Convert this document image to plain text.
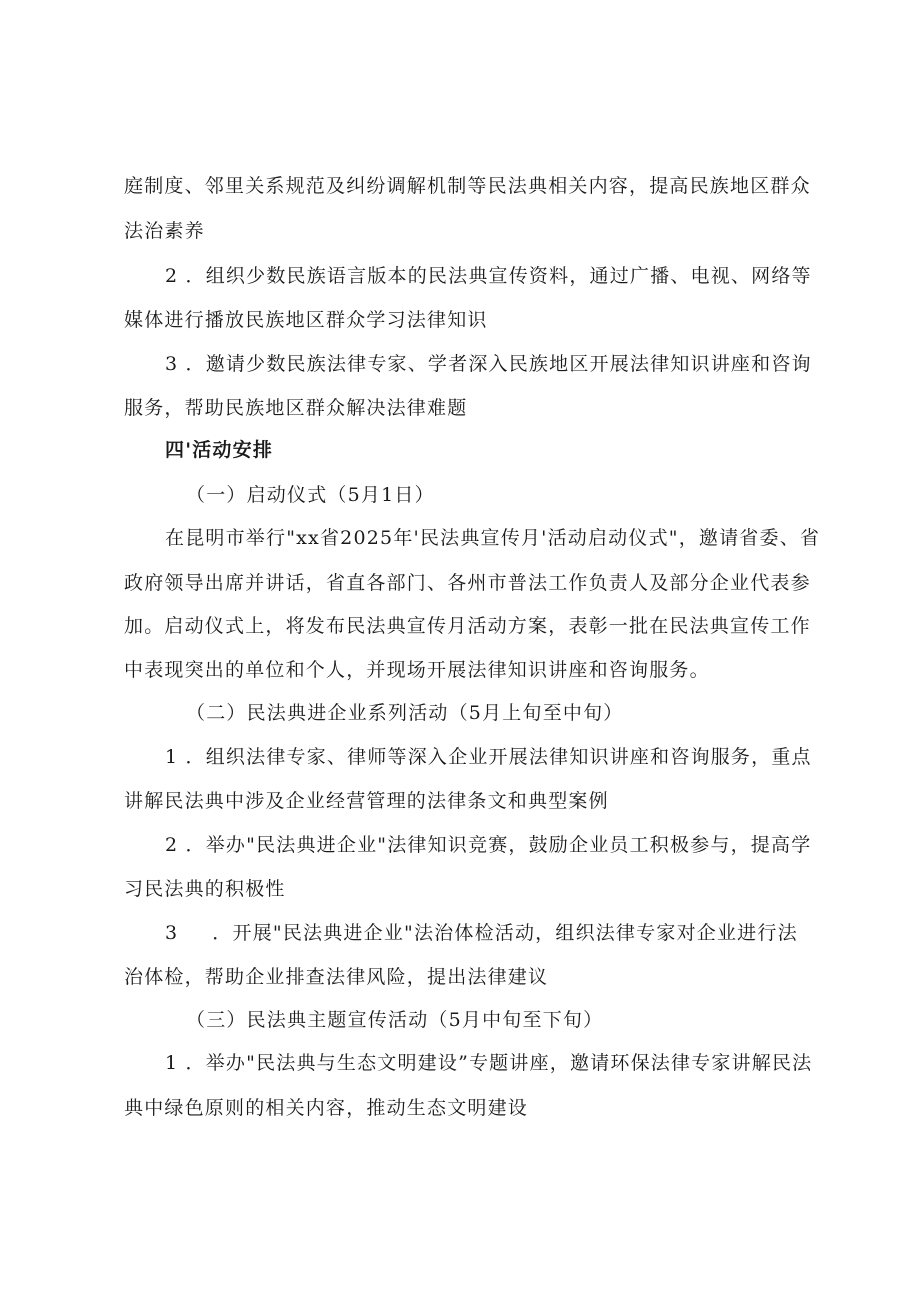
庭制度、邻里关系规范及纠纷调解机制等民法典相关内容，提高民族地区群众
法治素养
2 ．组织少数民族语言版本的民法典宣传资料，通过广播、电视、网络等
媒体进行播放民族地区群众学习法律知识
3 ．邀请少数民族法律专家、学者深入民族地区开展法律知识讲座和咨询
服务，帮助民族地区群众解决法律难题
四'活动安排
（一）启动仪式（5月1日）
在昆明市举行"xx省2025年'民法典宣传月'活动启动仪式"，邀请省委、省
政府领导出席并讲话，省直各部门、各州市普法工作负责人及部分企业代表参
加。启动仪式上，将发布民法典宣传月活动方案，表彰一批在民法典宣传工作
中表现突出的单位和个人，并现场开展法律知识讲座和咨询服务。
（二）民法典进企业系列活动（5月上旬至中旬）
1 ．组织法律专家、律师等深入企业开展法律知识讲座和咨询服务，重点
讲解民法典中涉及企业经营管理的法律条文和典型案例
2 ．举办"民法典进企业"法律知识竞赛，鼓励企业员工积极参与，提高学
习民法典的积极性
3 ．开展"民法典进企业"法治体检活动，组织法律专家对企业进行法
治体检，帮助企业排查法律风险，提出法律建议
（三）民法典主题宣传活动（5月中旬至下旬）
1 ．举办"民法典与生态文明建设”专题讲座，邀请环保法律专家讲解民法
典中绿色原则的相关内容，推动生态文明建设
